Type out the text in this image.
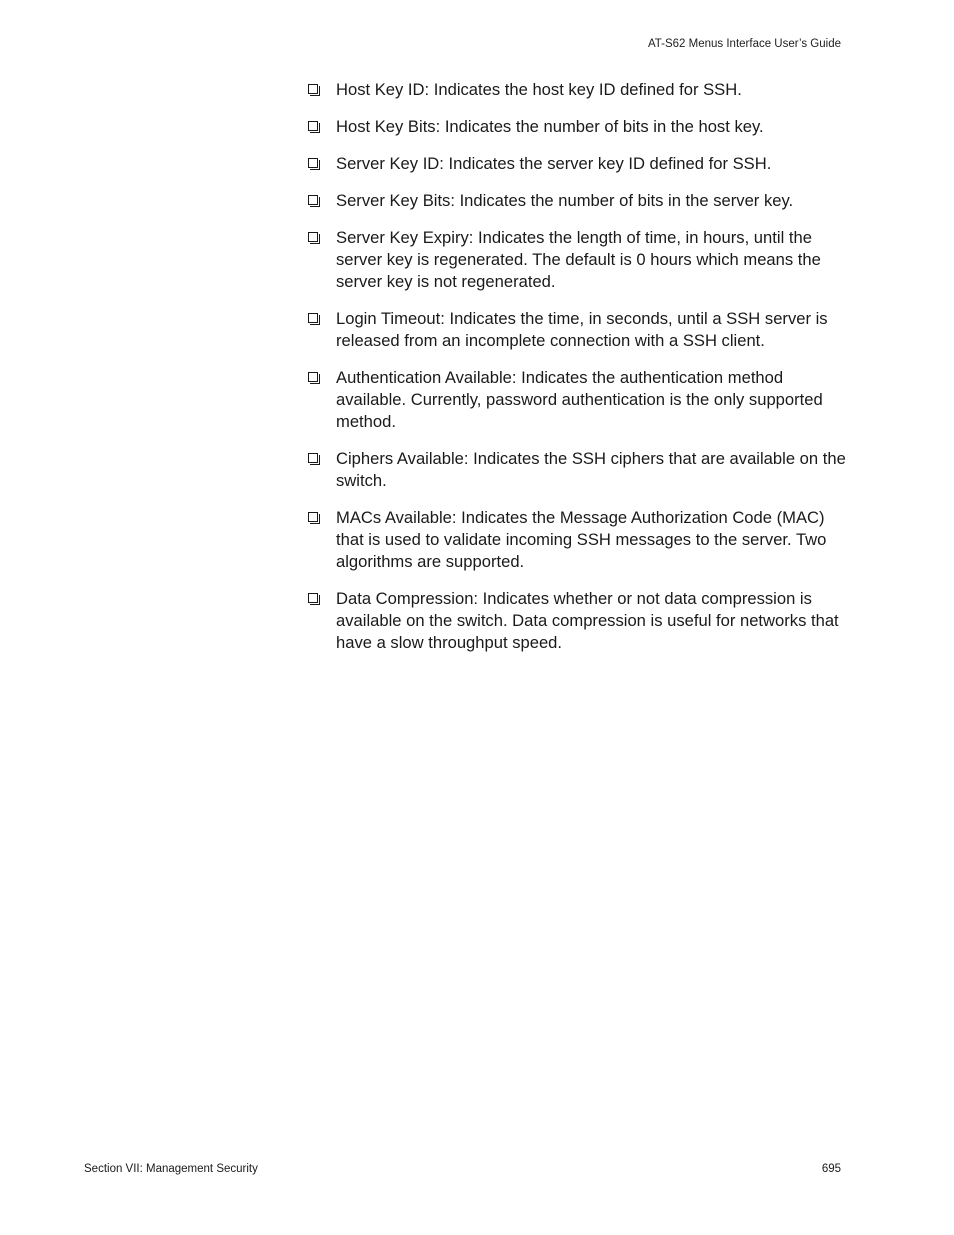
AT-S62 Menus Interface User’s Guide
Host Key ID: Indicates the host key ID defined for SSH.
Host Key Bits: Indicates the number of bits in the host key.
Server Key ID: Indicates the server key ID defined for SSH.
Server Key Bits: Indicates the number of bits in the server key.
Server Key Expiry: Indicates the length of time, in hours, until the server key is regenerated. The default is 0 hours which means the server key is not regenerated.
Login Timeout: Indicates the time, in seconds, until a SSH server is released from an incomplete connection with a SSH client.
Authentication Available: Indicates the authentication method available. Currently, password authentication is the only supported method.
Ciphers Available: Indicates the SSH ciphers that are available on the switch.
MACs Available: Indicates the Message Authorization Code (MAC) that is used to validate incoming SSH messages to the server. Two algorithms are supported.
Data Compression: Indicates whether or not data compression is available on the switch. Data compression is useful for networks that have a slow throughput speed.
Section VII: Management Security	695
